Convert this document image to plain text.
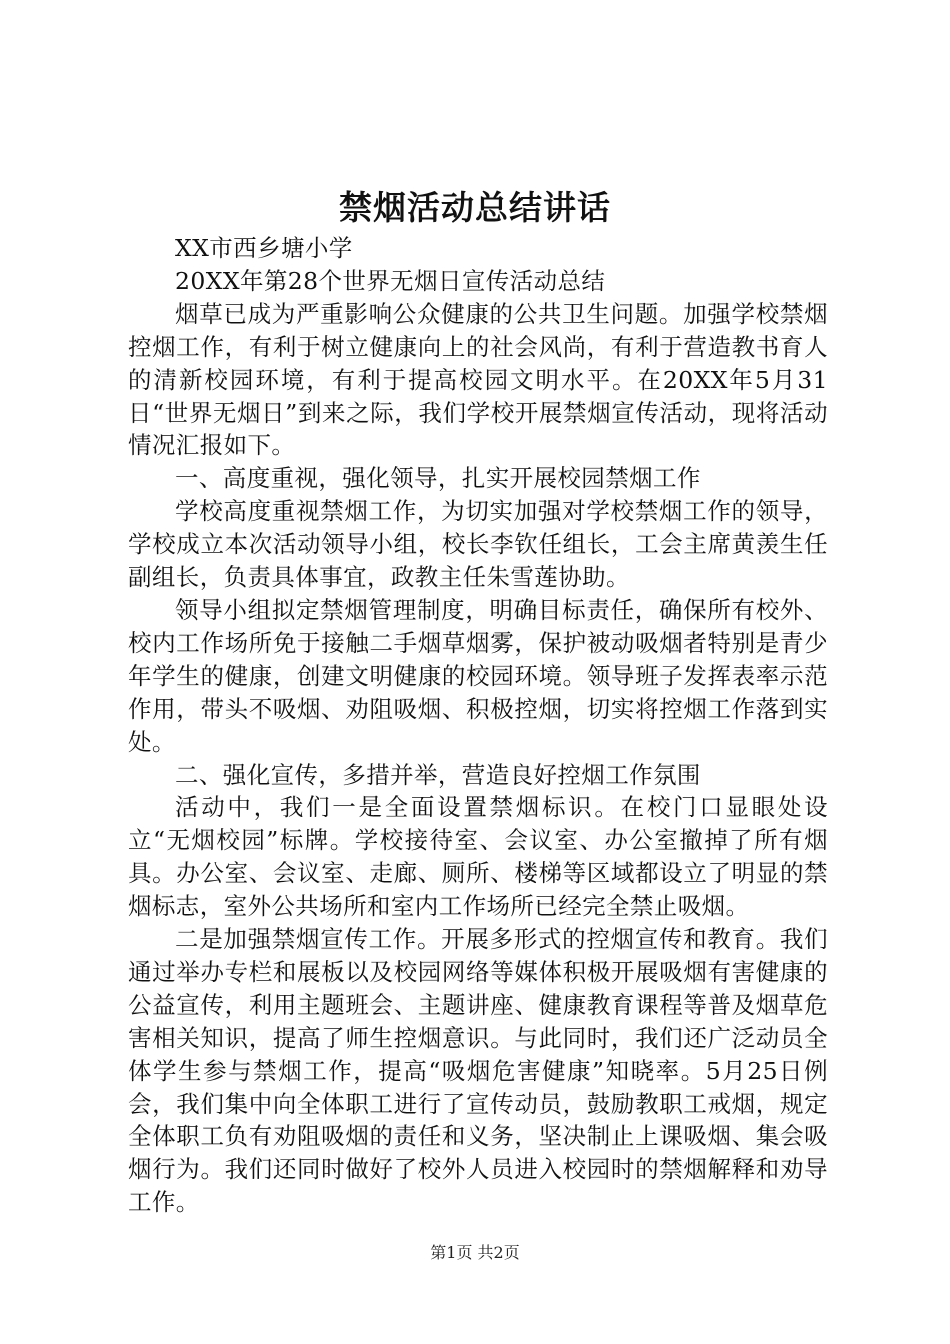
禁烟活动总结讲话

XX市西乡塘小学

20XX年第28个世界无烟日宣传活动总结

烟草已成为严重影响公众健康的公共卫生问题。加强学校禁烟控烟工作，有利于树立健康向上的社会风尚，有利于营造教书育人的清新校园环境，有利于提高校园文明水平。在20XX年5月31日“世界无烟日”到来之际，我们学校开展禁烟宣传活动，现将活动情况汇报如下。

一、高度重视，强化领导，扎实开展校园禁烟工作

学校高度重视禁烟工作，为切实加强对学校禁烟工作的领导，学校成立本次活动领导小组，校长李钦任组长，工会主席黄羡生任副组长，负责具体事宜，政教主任朱雪莲协助。

领导小组拟定禁烟管理制度，明确目标责任，确保所有校外、校内工作场所免于接触二手烟草烟雾，保护被动吸烟者特别是青少年学生的健康，创建文明健康的校园环境。领导班子发挥表率示范作用，带头不吸烟、劝阻吸烟、积极控烟，切实将控烟工作落到实处。

二、强化宣传，多措并举，营造良好控烟工作氛围

活动中，我们一是全面设置禁烟标识。在校门口显眼处设立“无烟校园”标牌。学校接待室、会议室、办公室撤掉了所有烟具。办公室、会议室、走廊、厕所、楼梯等区域都设立了明显的禁烟标志，室外公共场所和室内工作场所已经完全禁止吸烟。

二是加强禁烟宣传工作。开展多形式的控烟宣传和教育。我们通过举办专栏和展板以及校园网络等媒体积极开展吸烟有害健康的公益宣传，利用主题班会、主题讲座、健康教育课程等普及烟草危害相关知识，提高了师生控烟意识。与此同时，我们还广泛动员全体学生参与禁烟工作，提高“吸烟危害健康”知晓率。5月25日例会，我们集中向全体职工进行了宣传动员，鼓励教职工戒烟，规定全体职工负有劝阻吸烟的责任和义务，坚决制止上课吸烟、集会吸烟行为。我们还同时做好了校外人员进入校园时的禁烟解释和劝导工作。

第1页 共2页
